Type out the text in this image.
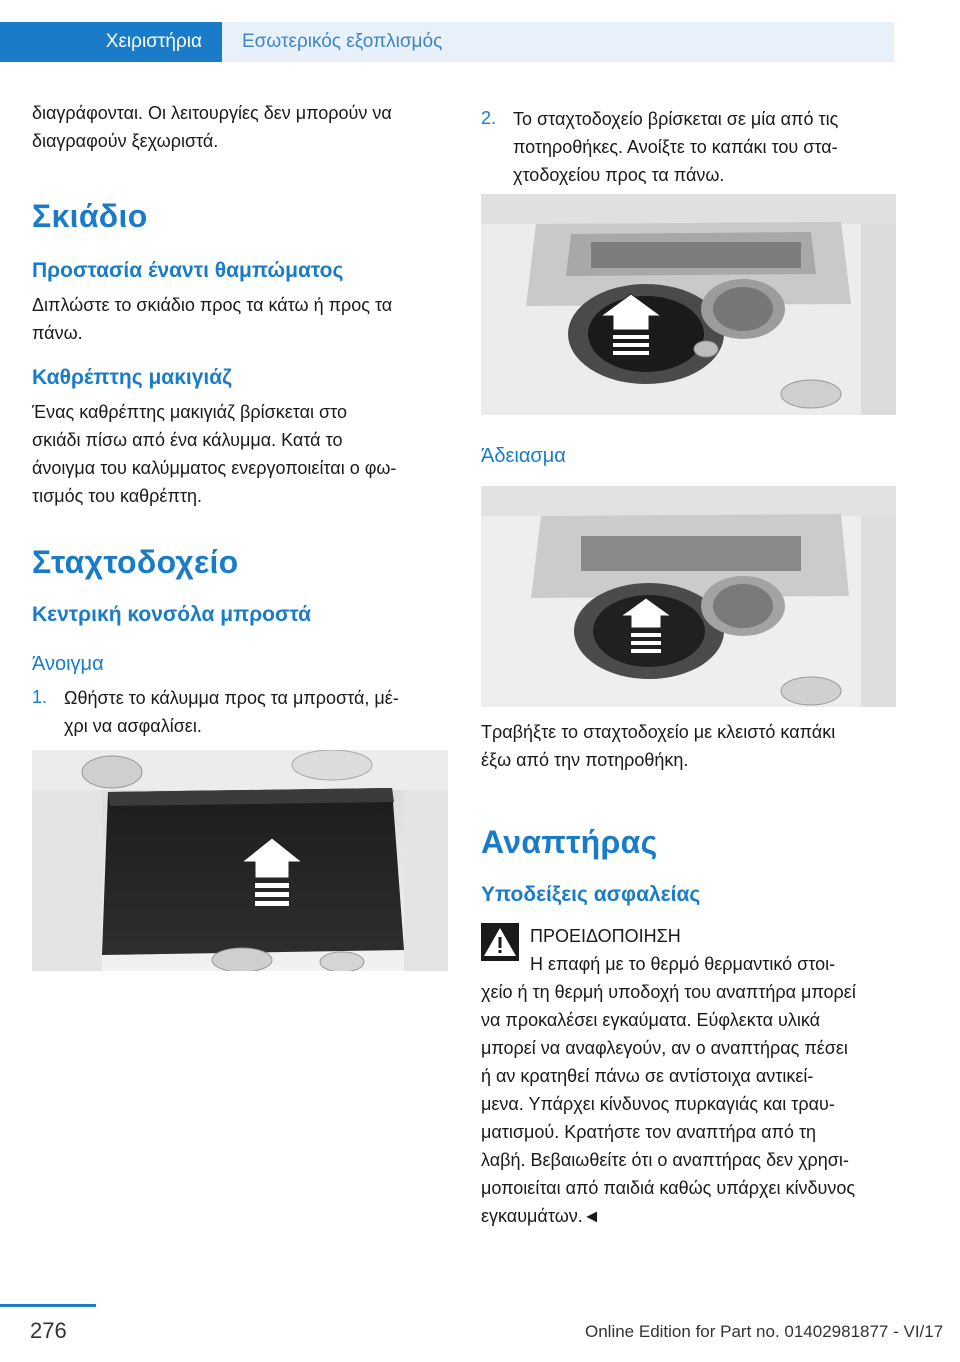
Χειριστήρια	Εσωτερικός εξοπλισμός
διαγράφονται. Οι λειτουργίες δεν μπορούν να
διαγραφούν ξεχωριστά.
Σκιάδιο
Προστασία έναντι θαμπώματος
Διπλώστε το σκιάδιο προς τα κάτω ή προς τα
πάνω.
Καθρέπτης μακιγιάζ
Ένας καθρέπτης μακιγιάζ βρίσκεται στο
σκιάδι πίσω από ένα κάλυμμα. Κατά το
άνοιγμα του καλύμματος ενεργοποιείται ο φω-
τισμός του καθρέπτη.
Σταχτοδοχείο
Κεντρική κονσόλα μπροστά
Άνοιγμα
1. Ωθήστε το κάλυμμα προς τα μπροστά, μέ-
χρι να ασφαλίσει.
2. Το σταχτοδοχείο βρίσκεται σε μία από τις
ποτηροθήκες. Ανοίξτε το καπάκι του στα-
χτοδοχείου προς τα πάνω.
Άδειασμα
Τραβήξτε το σταχτοδοχείο με κλειστό καπάκι
έξω από την ποτηροθήκη.
Αναπτήρας
Υποδείξεις ασφαλείας
ΠΡΟΕΙΔΟΠΟΙΗΣΗ
Η επαφή με το θερμό θερμαντικό στοι-
χείο ή τη θερμή υποδοχή του αναπτήρα μπορεί
να προκαλέσει εγκαύματα. Εύφλεκτα υλικά
μπορεί να αναφλεγούν, αν ο αναπτήρας πέσει
ή αν κρατηθεί πάνω σε αντίστοιχα αντικεί-
μενα. Υπάρχει κίνδυνος πυρκαγιάς και τραυ-
ματισμού. Κρατήστε τον αναπτήρα από τη
λαβή. Βεβαιωθείτε ότι ο αναπτήρας δεν χρησι-
μοποιείται από παιδιά καθώς υπάρχει κίνδυνος
εγκαυμάτων.◄
276	Online Edition for Part no. 01402981877 - VI/17
